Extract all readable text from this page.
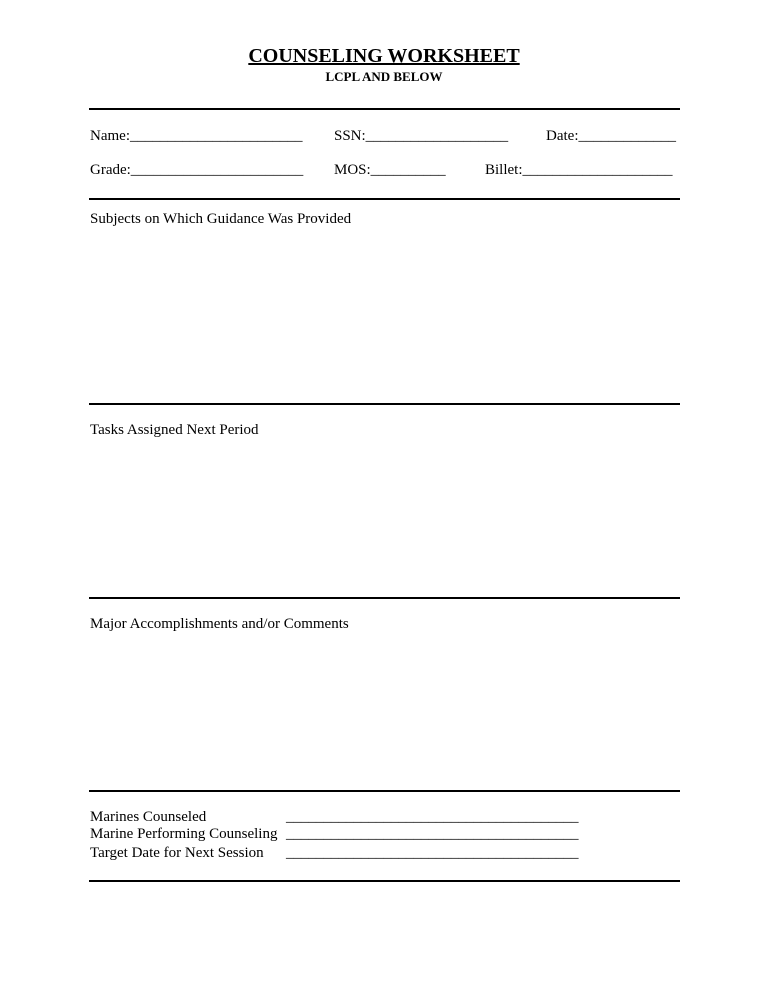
COUNSELING WORKSHEET
LCPL AND BELOW
Name:_______________________ SSN:___________________	Date:_____________
Grade:_______________________ MOS:__________	Billet:____________________
Subjects on Which Guidance Was Provided
Tasks Assigned Next Period
Major Accomplishments and/or Comments
Marines Counseled	_______________________________________
Marine Performing Counseling _______________________________________
Target Date for Next Session _______________________________________
